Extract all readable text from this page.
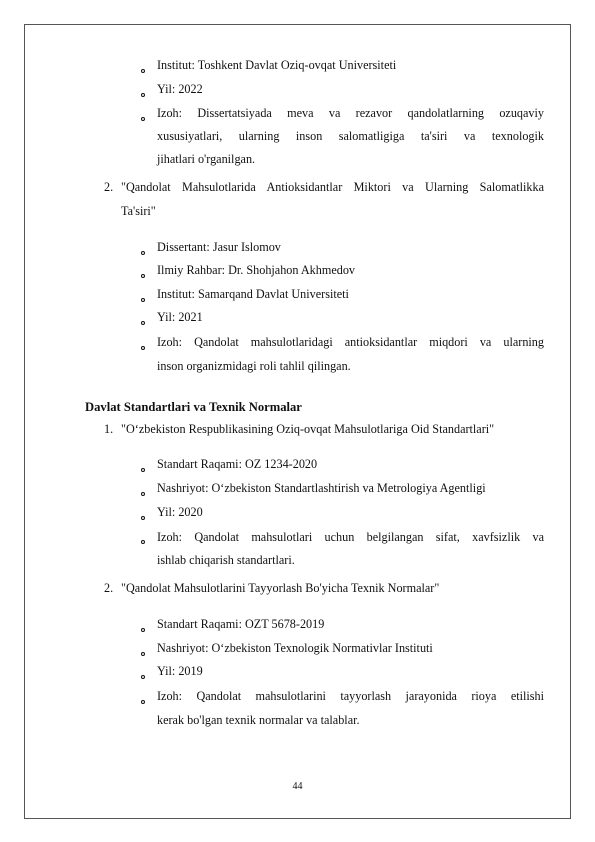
Institut: Toshkent Davlat Oziq-ovqat Universiteti
Yil: 2022
Izoh: Dissertatsiyada meva va rezavor qandolatlarning ozuqaviy
xususiyatlari, ularning inson salomatligiga ta'siri va texnologik
jihatlari o'rganilgan.
2. "Qandolat Mahsulotlarida Antioksidantlar Miktori va Ularning Salomatlikka
Ta'siri"
Dissertant: Jasur Islomov
Ilmiy Rahbar: Dr. Shohjahon Akhmedov
Institut: Samarqand Davlat Universiteti
Yil: 2021
Izoh: Qandolat mahsulotlaridagi antioksidantlar miqdori va ularning
inson organizmidagi roli tahlil qilingan.
Davlat Standartlari va Texnik Normalar
1. "O‘zbekiston Respublikasining Oziq-ovqat Mahsulotlariga Oid Standartlari"
Standart Raqami: OZ 1234-2020
Nashriyot: O‘zbekiston Standartlashtirish va Metrologiya Agentligi
Yil: 2020
Izoh: Qandolat mahsulotlari uchun belgilangan sifat, xavfsizlik va
ishlab chiqarish standartlari.
2. "Qandolat Mahsulotlarini Tayyorlash Bo'yicha Texnik Normalar"
Standart Raqami: OZT 5678-2019
Nashriyot: O‘zbekiston Texnologik Normativlar Instituti
Yil: 2019
Izoh: Qandolat mahsulotlarini tayyorlash jarayonida rioya etilishi
kerak bo'lgan texnik normalar va talablar.
44
